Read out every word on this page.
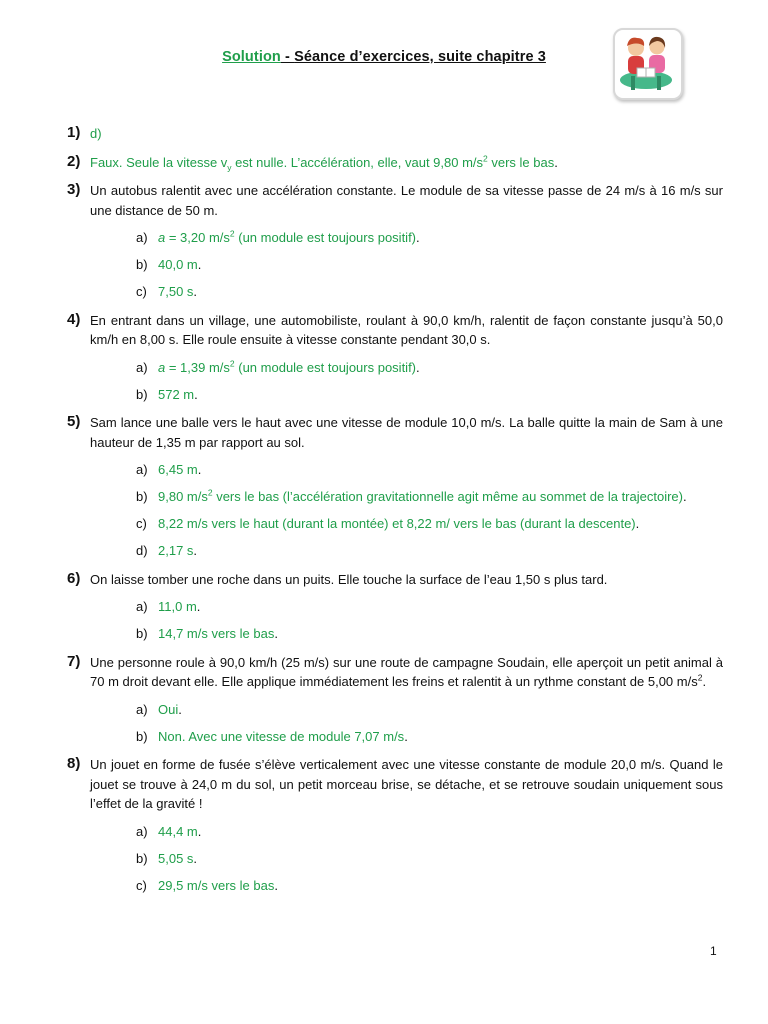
Solution - Séance d’exercices, suite chapitre 3
1) d)
2) Faux. Seule la vitesse $v_y$ est nulle. L’accélération, elle, vaut 9,80 $m/s^2$ vers le bas.
3) Un autobus ralentit avec une accélération constante. Le module de sa vitesse passe de 24 m/s à 16 m/s sur une distance de 50 m.
a) a = 3,20 $m/s^2$ (un module est toujours positif).
b) 40,0 m.
c) 7,50 s.
4) En entrant dans un village, une automobiliste, roulant à 90,0 km/h, ralentit de façon constante jusqu’à 50,0 km/h en 8,00 s. Elle roule ensuite à vitesse constante pendant 30,0 s.
a) a = 1,39 $m/s^2$ (un module est toujours positif).
b) 572 m.
5) Sam lance une balle vers le haut avec une vitesse de module 10,0 m/s. La balle quitte la main de Sam à une hauteur de 1,35 m par rapport au sol.
a) 6,45 m.
b) 9,80 $m/s^2$ vers le bas (l’accélération gravitationnelle agit même au sommet de la trajectoire).
c) 8,22 m/s vers le haut (durant la montée) et 8,22 m/ vers le bas (durant la descente).
d) 2,17 s.
6) On laisse tomber une roche dans un puits. Elle touche la surface de l’eau 1,50 s plus tard.
a) 11,0 m.
b) 14,7 m/s vers le bas.
7) Une personne roule à 90,0 km/h (25 m/s) sur une route de campagne Soudain, elle aperçoit un petit animal à 70 m droit devant elle. Elle applique immédiatement les freins et ralentit à un rythme constant de 5,00 $m/s^2$.
a) Oui.
b) Non. Avec une vitesse de module 7,07 m/s.
8) Un jouet en forme de fusée s’élève verticalement avec une vitesse constante de module 20,0 m/s. Quand le jouet se trouve à 24,0 m du sol, un petit morceau brise, se détache, et se retrouve soudain uniquement sous l’effet de la gravité !
a) 44,4 m.
b) 5,05 s.
c) 29,5 m/s vers le bas.
1
